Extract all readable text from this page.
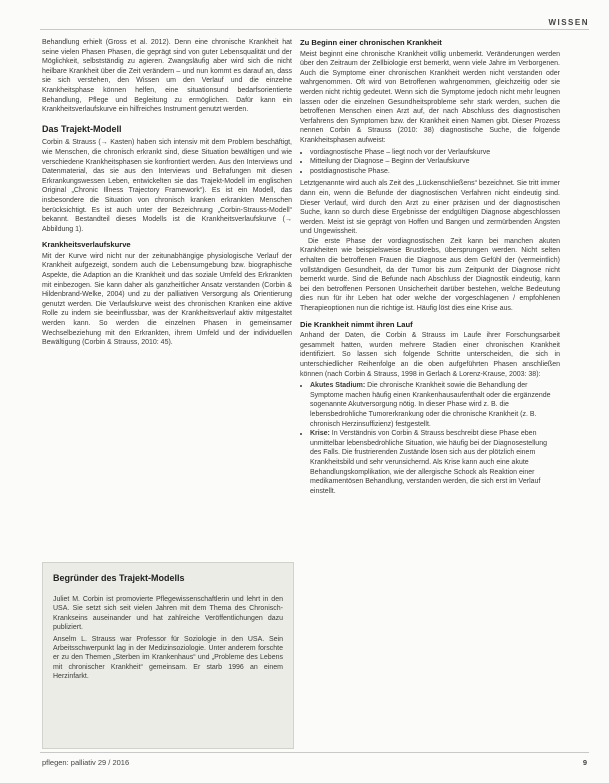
WISSEN

Behandlung erhielt (Gross et al. 2012). Denn eine chronische Krankheit hat seine vielen Phasen Phasen, die geprägt sind von guter Lebensqualität und der Möglichkeit, selbstständig zu agieren. Zwangsläufig aber wird sich die nicht heilbare Krankheit über die Zeit verändern – und nun kommt es darauf an, dass sie sich verstehen, den Wissen um den Verlauf und die einzelne Krankheitsphase können helfen, eine situationsund bedarfsorientierte Behandlung, Pflege und Begleitung zu ermöglichen. Dafür kann ein Krankheitsverlaufskurve ein hilfreiches Instrument genutzt werden.

Das Trajekt-Modell

Corbin & Strauss (→ Kasten) haben sich intensiv mit dem Problem beschäftigt, wie Menschen, die chronisch erkrankt sind, diese Situation bewältigen und wie verschiedene Krankheitsphasen sie konfrontiert werden. Aus den Interviews und Datenmaterial, das sie aus den Interviews und Befrafungen mit diesen Erkrankungswessen Leben, entwickelten sie das Trajekt-Modell im englischen Original „Chronic Illness Trajectory Framework“). Es ist ein Modell, das insbesondere die Situation von chronisch kranken erkrankten Menschen berücksichtigt. Es ist auch unter der Bezeichnung „Corbin-Strauss-Modell“ bekannt. Bestandteil dieses Modells ist die Krankheitsverlaufskurve (→ Abbildung 1).

Krankheitsverlaufskurve

Mit der Kurve wird nicht nur der zeitunabhängige physiologische Verlauf der Krankheit aufgezeigt, sondern auch die Lebensumgebung bzw. biographische Aspekte, die Adaption an die Krankheit und das soziale Umfeld des Erkrankten mit einbezogen. Sie kann daher als ganzheitlicher Ansatz verstanden (Corbin & Hildenbrand-Welke, 2004) und zu der palliativen Versorgung als Orientierung genutzt werden. Die Verlaufskurve weist des chronischen Kranken eine aktive Rolle zu indem sie beeinflussbar, was der Krankheitsverlauf aktiv mitgestaltet werden kann. So werden die einzelnen Phasen in gemeinsamer Wechselbeziehung mit den Erkrankten, ihrem Umfeld und der individuellen Bewältigung (Corbin & Strauss, 2010: 45).

Begründer des Trajekt-Modells

Juliet M. Corbin ist promovierte Pflegewissenschaftlerin und lehrt in den USA. Sie setzt sich seit vielen Jahren mit dem Thema des Chronisch-Krankseins auseinander und hat zahlreiche Veröffentlichungen dazu publiziert.

Anselm L. Strauss war Professor für Soziologie in den USA. Sein Arbeitsschwerpunkt lag in der Medizinsoziologie. Unter anderem forschte er zu den Themen „Sterben im Krankenhaus“ und „Probleme des Lebens mit chronischer Krankheit“ gemeinsam. Er starb 1996 an einem Herzinfarkt.

Zu Beginn einer chronischen Krankheit

Meist beginnt eine chronische Krankheit völlig unbemerkt. Veränderungen werden über den Zeitraum der Zellbiologie erst bemerkt, wenn viele Jahre im Verborgenen. Auch die Symptome einer chronischen Krankheit werden nicht verstanden oder wahrgenommen. Oft wird von Betroffenen wahrgenommen, gleichzeitig oder sie werden nicht richtig gedeutet. Wenn sich die Symptome jedoch nicht mehr leugnen lassen oder die einzelnen Gesundheitsprobleme sehr stark werden, suchen die betroffenen Menschen einen Arzt auf, der nach Abschluss des diagnostischen Verfahrens den Symptomen bzw. der Krankheit einen Namen gibt. Dieser Prozess nennen Corbin & Strauss (2010: 38) diagnostische Suche, die folgende Krankheitsphasen aufweist:

• vordiagnostische Phase – liegt noch vor der Verlaufskurve
• Mitteilung der Diagnose – Beginn der Verlaufskurve
• postdiagnostische Phase.

Letztgenannte wird auch als Zeit des „Lückenschließens“ bezeichnet. Sie tritt immer dann ein, wenn die Befunde der diagnostischen Verfahren nicht eindeutig sind. Dieser Verlauf, wird durch den Arzt zu einer präzisen und der diagnostischen Suche, kann so durch diese Ergebnisse der endgültigen Diagnose abgeschlossen werden. Meist ist sie geprägt von Hoffen und Bangen und zermürbenden Ängsten und Ungewissheit.

Die erste Phase der vordiagnostischen Zeit kann bei manchen akuten Krankheiten wie beispielsweise Brustkrebs, übersprungen werden. Nicht selten erhalten die betroffenen Frauen die Diagnose aus dem Gefühl der (vermeintlich) vollständigen Gesundheit, da der Tumor bis zum Zeitpunkt der Diagnose nicht bemerkt wurde. Sind die Befunde nach Abschluss der Diagnostik eindeutig, kann bei den betroffenen Personen Unsicherheit darüber bestehen, welche Bedeutung dies nun für ihr Leben hat oder welche der vorgeschlagenen / empfohlenen Therapieoptionen nun die richtige ist. Häufig löst dies eine Krise aus.

Die Krankheit nimmt ihren Lauf

Anhand der Daten, die Corbin & Strauss im Laufe ihrer Forschungsarbeit gesammelt hatten, wurden mehrere Stadien einer chronischen Krankheit identifiziert. So lassen sich folgende Schritte unterscheiden, die sich in unterschiedlicher Reihenfolge an die oben aufgeführten Phasen anschließen können (nach Corbin & Strauss, 1998 in Gerlach & Lorenz-Krause, 2003: 38):

• Akutes Stadium: Die chronische Krankheit sowie die Behandlung der Symptome machen häufig einen Krankenhausaufenthalt oder die ergänzende sogenannte Akutversorgung nötig. In dieser Phase wird z. B. die lebensbedrohliche Tumorerkrankung oder die chronische Krankheit (z. B. chronisch Herzinsuffizienz) festgestellt.
• Krise: In Verständnis von Corbin & Strauss beschreibt diese Phase eben unmittelbar lebensbedrohliche Situation, wie häufig bei der Diagnosestellung des Falls. Die frustrierenden Zustände lösen sich aus der plötzlich einem Krankheitsbild und sehr verunsichernd. Als Krise kann auch eine akute Behandlungskomplikation, wie der allergische Schock als Reaktion einer medikamentösen Behandlung, verstanden werden, die sich erst im Verlauf einstellt.
pflegen: palliativ 29 / 2016	9
